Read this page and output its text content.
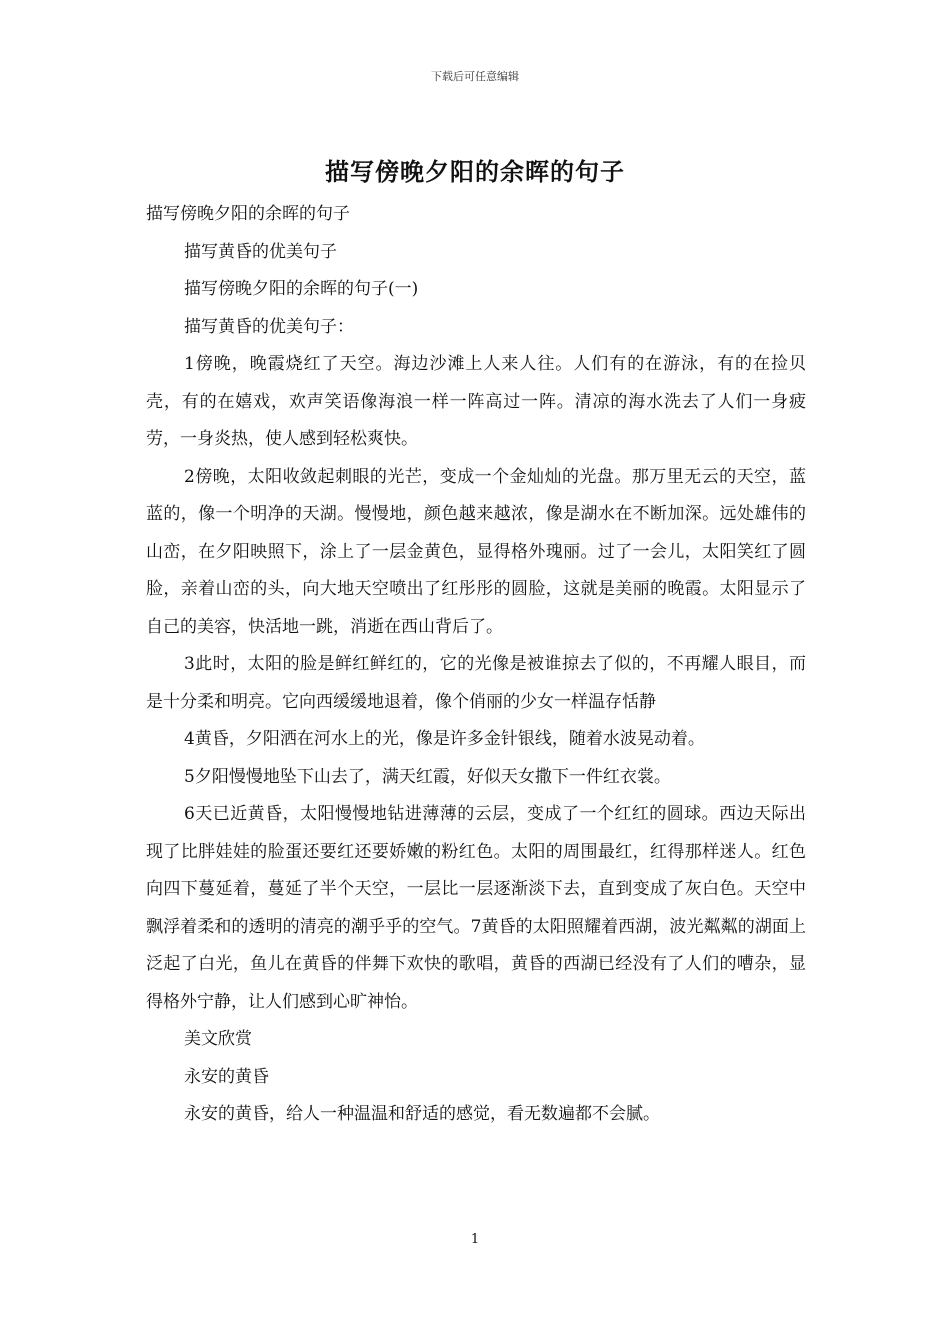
下载后可任意编辑
描写傍晚夕阳的余晖的句子

描写傍晚夕阳的余晖的句子

描写黄昏的优美句子

描写傍晚夕阳的余晖的句子(一)

描写黄昏的优美句子：

1傍晚，晚霞烧红了天空。海边沙滩上人来人往。人们有的在游泳，有的在捡贝壳，有的在嬉戏，欢声笑语像海浪一样一阵高过一阵。清凉的海水洗去了人们一身疲劳，一身炎热，使人感到轻松爽快。

2傍晚，太阳收敛起刺眼的光芒，变成一个金灿灿的光盘。那万里无云的天空，蓝蓝的，像一个明净的天湖。慢慢地，颜色越来越浓，像是湖水在不断加深。远处雄伟的山峦，在夕阳映照下，涂上了一层金黄色，显得格外瑰丽。过了一会儿，太阳笑红了圆脸，亲着山峦的头，向大地天空喷出了红彤彤的圆脸，这就是美丽的晚霞。太阳显示了自己的美容，快活地一跳，消逝在西山背后了。

3此时，太阳的脸是鲜红鲜红的，它的光像是被谁掠去了似的，不再耀人眼目，而是十分柔和明亮。它向西缓缓地退着，像个俏丽的少女一样温存恬静

4黄昏，夕阳洒在河水上的光，像是许多金针银线，随着水波晃动着。

5夕阳慢慢地坠下山去了，满天红霞，好似天女撒下一件红衣裳。

6天已近黄昏，太阳慢慢地钻进薄薄的云层，变成了一个红红的圆球。西边天际出现了比胖娃娃的脸蛋还要红还要娇嫩的粉红色。太阳的周围最红，红得那样迷人。红色向四下蔓延着，蔓延了半个天空，一层比一层逐渐淡下去，直到变成了灰白色。天空中飘浮着柔和的透明的清亮的潮乎乎的空气。7黄昏的太阳照耀着西湖，波光粼粼的湖面上泛起了白光，鱼儿在黄昏的伴舞下欢快的歌唱，黄昏的西湖已经没有了人们的嘈杂，显得格外宁静，让人们感到心旷神怡。

美文欣赏

永安的黄昏

永安的黄昏，给人一种温温和舒适的感觉，看无数遍都不会腻。

1
